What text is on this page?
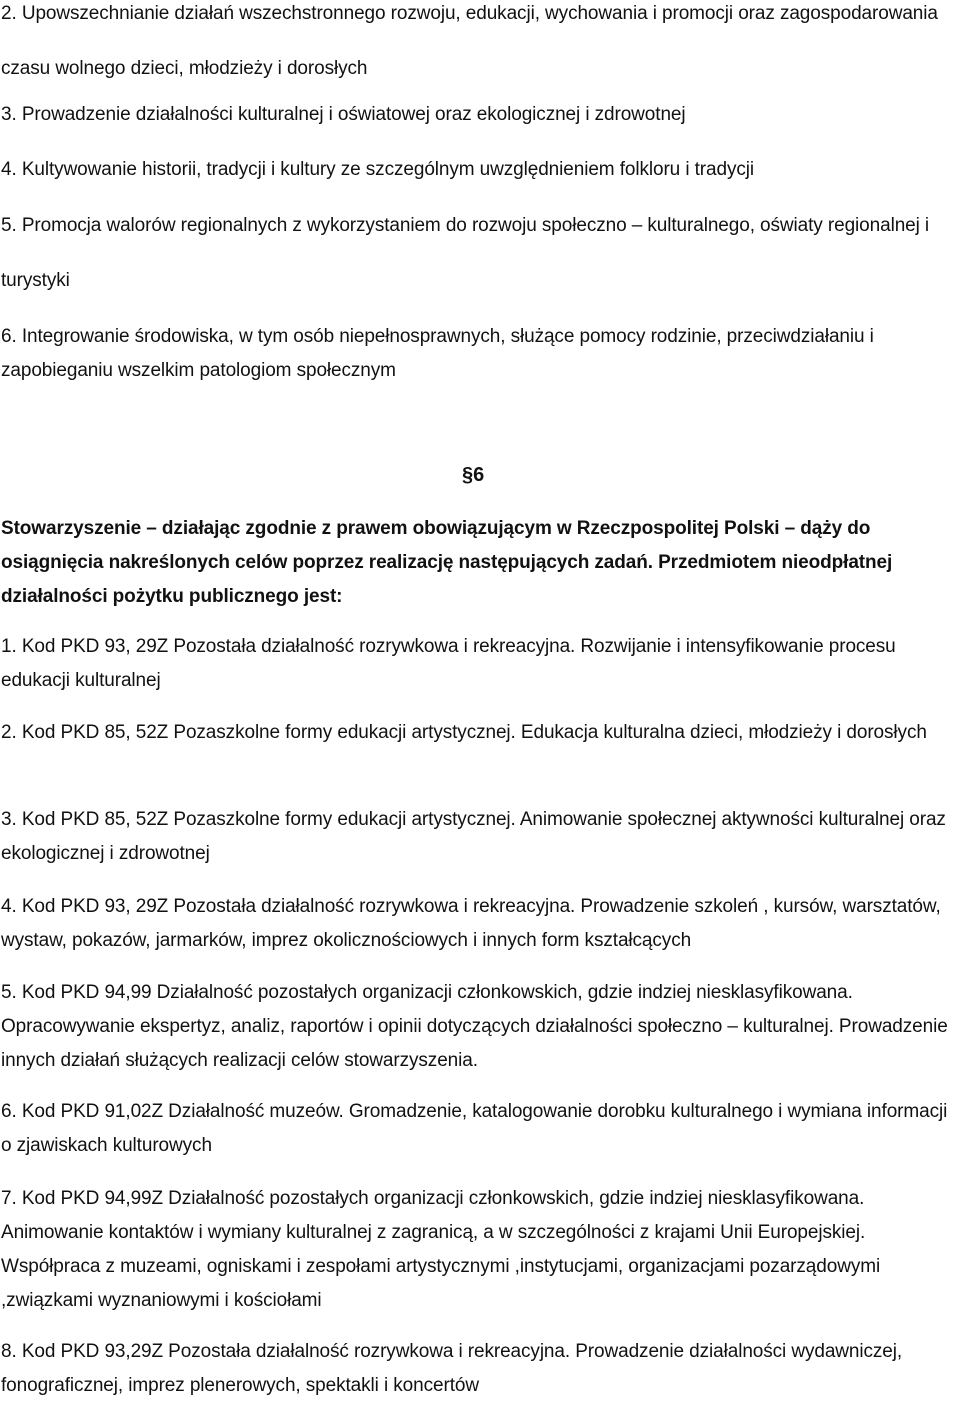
2. Upowszechnianie działań wszechstronnego rozwoju, edukacji, wychowania i promocji oraz zagospodarowania czasu wolnego dzieci, młodzieży i dorosłych
3. Prowadzenie działalności kulturalnej i oświatowej oraz ekologicznej i zdrowotnej
4. Kultywowanie historii, tradycji i kultury ze szczególnym uwzględnieniem folkloru i tradycji
5. Promocja walorów regionalnych z wykorzystaniem do rozwoju społeczno – kulturalnego, oświaty regionalnej i turystyki
6. Integrowanie środowiska, w tym osób niepełnosprawnych, służące pomocy rodzinie, przeciwdziałaniu i zapobieganiu wszelkim patologiom społecznym
§6
Stowarzyszenie – działając zgodnie z prawem obowiązującym w Rzeczpospolitej Polski – dąży do osiągnięcia nakreślonych celów poprzez realizację następujących zadań. Przedmiotem nieodpłatnej działalności pożytku publicznego jest:
1. Kod PKD 93, 29Z Pozostała działalność rozrywkowa i rekreacyjna. Rozwijanie i intensyfikowanie procesu edukacji kulturalnej
2. Kod PKD 85, 52Z Pozaszkolne formy edukacji artystycznej. Edukacja kulturalna dzieci, młodzieży i dorosłych
3. Kod PKD 85, 52Z Pozaszkolne formy edukacji artystycznej. Animowanie społecznej aktywności kulturalnej oraz ekologicznej i zdrowotnej
4. Kod PKD 93, 29Z Pozostała działalność rozrywkowa i rekreacyjna. Prowadzenie szkoleń , kursów, warsztatów, wystaw, pokazów, jarmarków, imprez okolicznościowych i innych form kształcących
5. Kod PKD 94,99 Działalność pozostałych organizacji członkowskich, gdzie indziej niesklasyfikowana. Opracowywanie ekspertyz, analiz, raportów i opinii dotyczących działalności społeczno – kulturalnej. Prowadzenie innych działań służących realizacji celów stowarzyszenia.
6. Kod PKD 91,02Z Działalność muzeów. Gromadzenie, katalogowanie dorobku kulturalnego i wymiana informacji o zjawiskach kulturowych
7. Kod PKD 94,99Z Działalność pozostałych organizacji członkowskich, gdzie indziej niesklasyfikowana. Animowanie kontaktów i wymiany kulturalnej z zagranicą, a w szczególności z krajami Unii Europejskiej. Współpraca z muzeami, ogniskami i zespołami artystycznymi ,instytucjami, organizacjami pozarządowymi ,związkami wyznaniowymi i kościołami
8. Kod PKD 93,29Z Pozostała działalność rozrywkowa i rekreacyjna. Prowadzenie działalności wydawniczej, fonograficznej, imprez plenerowych, spektakli i koncertów
